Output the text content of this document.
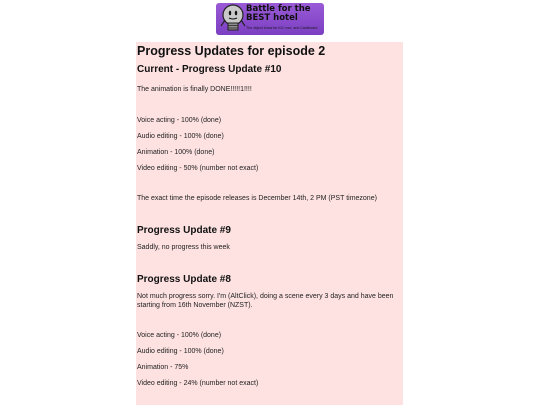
Battle for the
BEST hotel
The object show for KO, exe, and Cardboard
Progress Updates for episode 2
Current - Progress Update #10

The animation is finally DONE!!!!!1!!!!

Voice acting - 100% (done)

Audio editing - 100% (done)

Animation - 100% (done)

Video editing - 50% (number not exact)

The exact time the episode releases is December 14th, 2 PM (PST timezone)

Progress Update #9

Saddly, no progress this week

Progress Update #8

Not much progress sorry. I'm (AltClick), doing a scene every 3 days and have been starting from 16th November (NZST).

Voice acting - 100% (done)

Audio editing - 100% (done)

Animation - 75%

Video editing - 24% (number not exact)
